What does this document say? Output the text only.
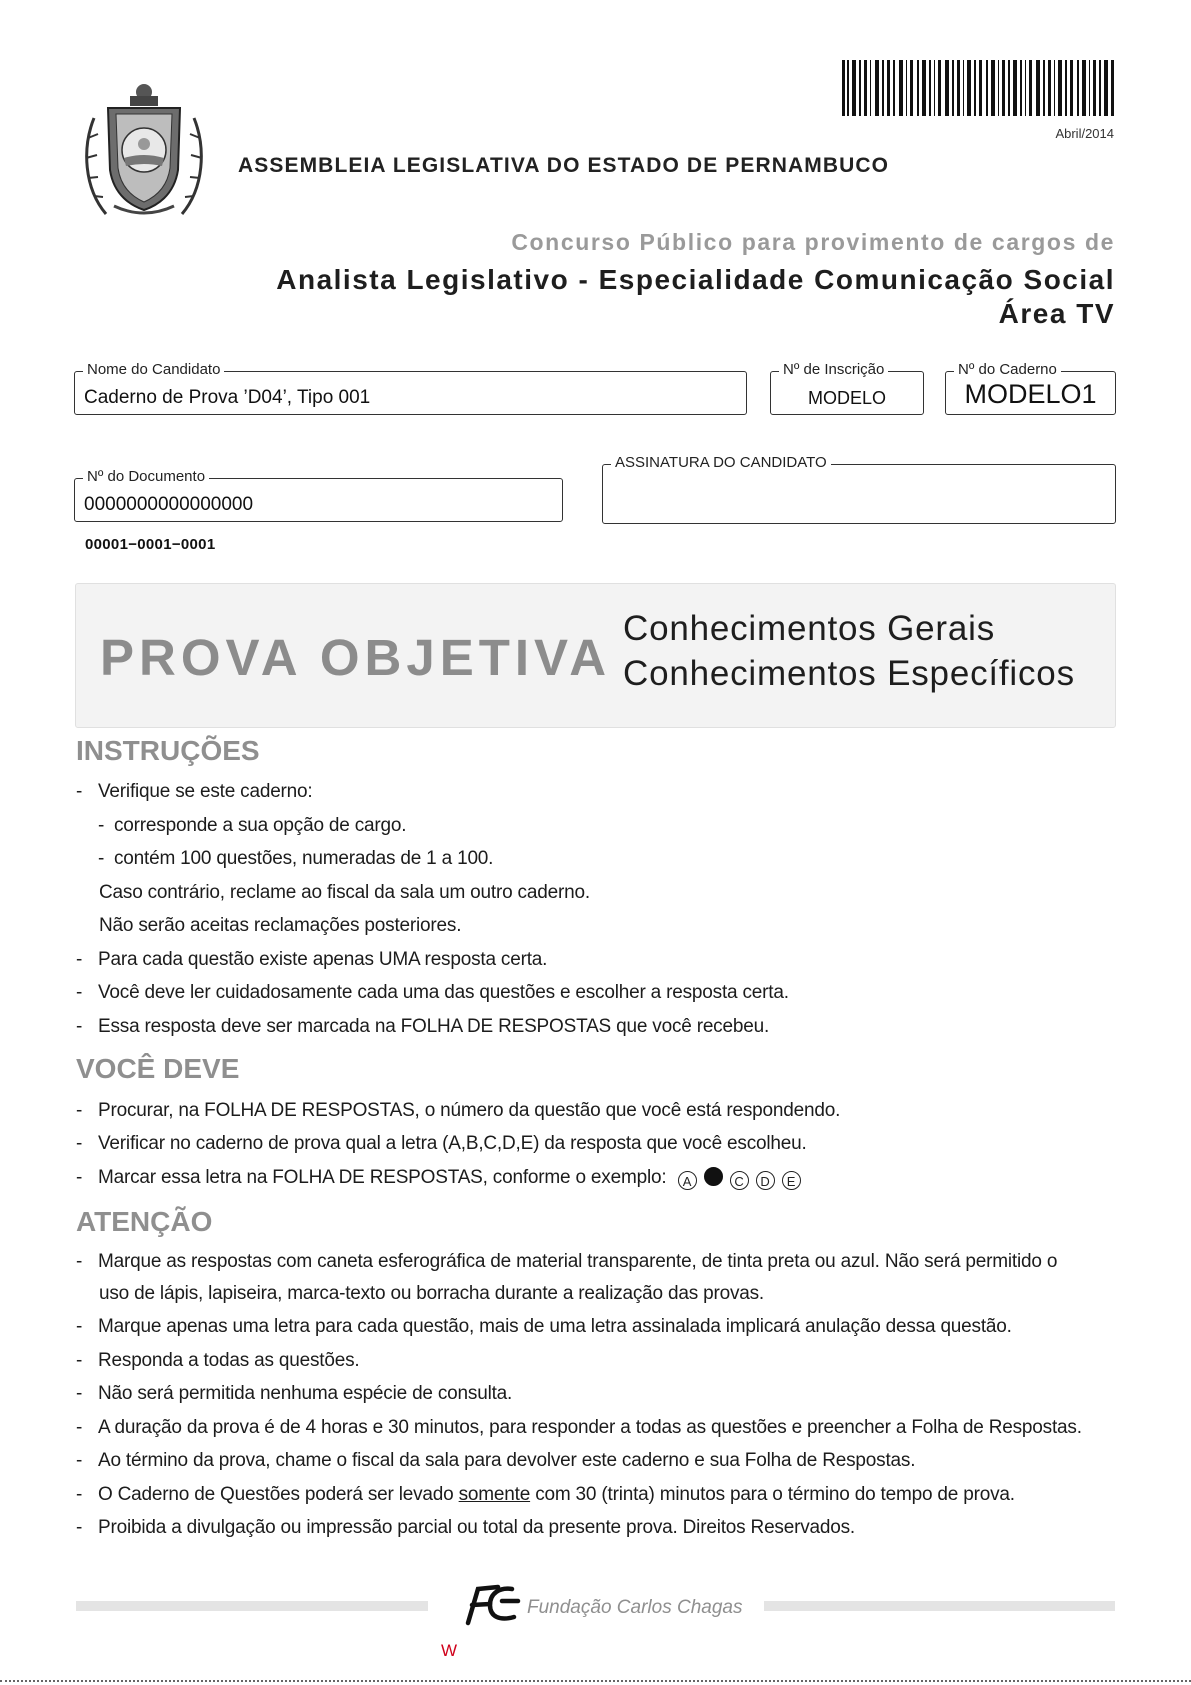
Abril/2014
ASSEMBLEIA LEGISLATIVA DO ESTADO DE PERNAMBUCO
Concurso Público para provimento de cargos de
Analista Legislativo - Especialidade Comunicação Social
Área TV
Nome do Candidato
Caderno de Prova ’D04’, Tipo 001
Nº de Inscrição
MODELO
Nº do Caderno
MODELO1
Nº do Documento
0000000000000000
ASSINATURA DO CANDIDATO
00001−0001−0001
PROVA OBJETIVA
Conhecimentos Gerais
Conhecimentos Específicos
INSTRUÇÕES
- Verifique se este caderno:
- corresponde a sua opção de cargo.
- contém 100 questões, numeradas de 1 a 100.
Caso contrário, reclame ao fiscal da sala um outro caderno.
Não serão aceitas reclamações posteriores.
- Para cada questão existe apenas UMA resposta certa.
- Você deve ler cuidadosamente cada uma das questões e escolher a resposta certa.
- Essa resposta deve ser marcada na FOLHA DE RESPOSTAS que você recebeu.
VOCÊ DEVE
- Procurar, na FOLHA DE RESPOSTAS, o número da questão que você está respondendo.
- Verificar no caderno de prova qual a letra (A,B,C,D,E) da resposta que você escolheu.
- Marcar essa letra na FOLHA DE RESPOSTAS, conforme o exemplo: A	C D E
ATENÇÃO
- Marque as respostas com caneta esferográfica de material transparente, de tinta preta ou azul. Não será permitido o
uso de lápis, lapiseira, marca-texto ou borracha durante a realização das provas.
- Marque apenas uma letra para cada questão, mais de uma letra assinalada implicará anulação dessa questão.
- Responda a todas as questões.
- Não será permitida nenhuma espécie de consulta.
- A duração da prova é de 4 horas e 30 minutos, para responder a todas as questões e preencher a Folha de Respostas.
- Ao término da prova, chame o fiscal da sala para devolver este caderno e sua Folha de Respostas.
- O Caderno de Questões poderá ser levado somente com 30 (trinta) minutos para o término do tempo de prova.
- Proibida a divulgação ou impressão parcial ou total da presente prova. Direitos Reservados.
Fundação Carlos Chagas
W
